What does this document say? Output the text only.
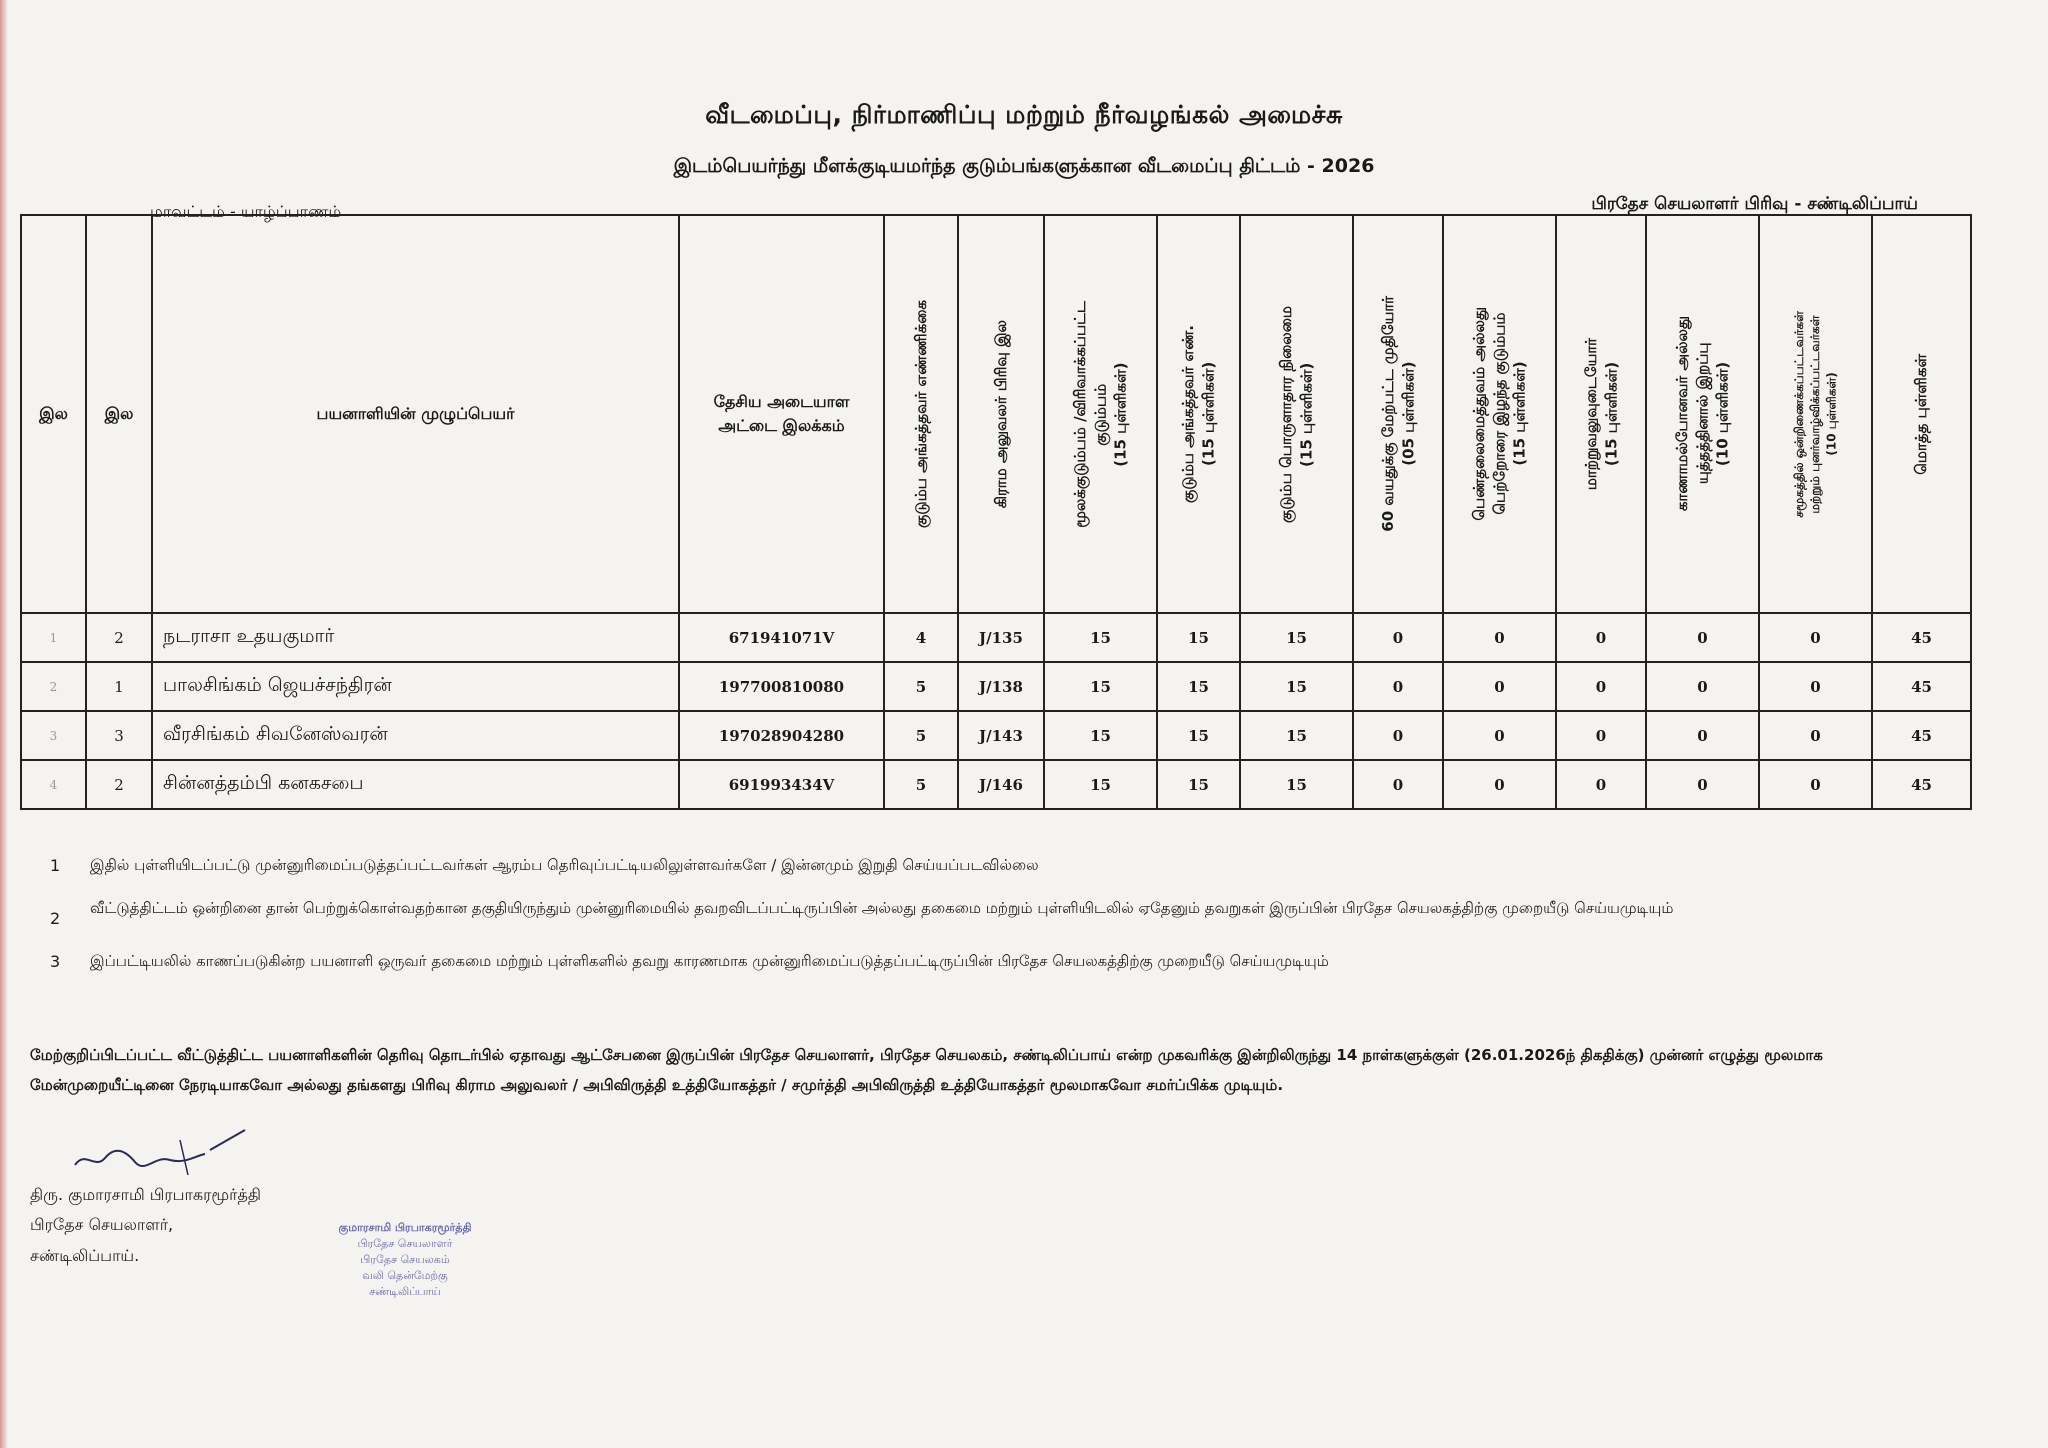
வீடமைப்பு, நிர்மாணிப்பு மற்றும் நீர்வழங்கல் அமைச்சு
இடம்பெயர்ந்து மீளக்குடியமர்ந்த குடும்பங்களுக்கான வீடமைப்பு திட்டம் - 2026
மாவட்டம் - யாழ்ப்பாணம்	பிரதேச செயலாளர் பிரிவு - சண்டிலிப்பாய்
இல	இல	பயனாளியின் முழுப்பெயர்	தேசிய அடையாள
அட்டை இலக்கம்	குடும்ப அங்கத்தவர் எண்ணிக்கை	கிராம அலுவலர் பிரிவு இல	மூலக்குடும்பம் /விரிவாக்கப்பட்ட
குடும்பம்
(15 புள்ளிகள்)	குடும்ப அங்கத்தவர் எண்.
(15 புள்ளிகள்)	குடும்ப பொருளாதார நிலைமை
(15 புள்ளிகள்)	60 வயதுக்கு மேற்பட்ட முதியோர்
(05 புள்ளிகள்)	பெண்தலைமைத்துவம் அல்லது
பெற்றோரை இழந்த குடும்பம்
(15 புள்ளிகள்)	மாற்றுவலுவுடையோர்
(15 புள்ளிகள்)	காணாமல்போனவர் அல்லது
யுத்தத்தினால் இறப்பு
(10 புள்ளிகள்)	சமூகத்தில் ஒன்றிணைக்கப்பட்டவர்கள்
மற்றும் புனர்வாழ்விக்கப்பட்டவர்கள்
(10 புள்ளிகள்)	மொத்த புள்ளிகள்

1	2	நடராசா உதயகுமார்	671941071V	4	J/135	15	15	15	0	0	0	0	0	45
2	1	பாலசிங்கம் ஜெயச்சந்திரன்	197700810080	5	J/138	15	15	15	0	0	0	0	0	45
3	3	வீரசிங்கம் சிவனேஸ்வரன்	197028904280	5	J/143	15	15	15	0	0	0	0	0	45
4	2	சின்னத்தம்பி கனகசபை	691993434V	5	J/146	15	15	15	0	0	0	0	0	45
1	இதில் புள்ளியிடப்பட்டு முன்னுரிமைப்படுத்தப்பட்டவர்கள் ஆரம்ப தெரிவுப்பட்டியலிலுள்ளவர்களே / இன்னமும் இறுதி செய்யப்படவில்லை
2
வீட்டுத்திட்டம் ஒன்றினை தான் பெற்றுக்கொள்வதற்கான தகுதியிருந்தும் முன்னுரிமையில் தவறவிடப்பட்டிருப்பின் அல்லது தகைமை மற்றும் புள்ளியிடலில் ஏதேனும் தவறுகள் இருப்பின் பிரதேச செயலகத்திற்கு முறையீடு செய்யமுடியும்
3	இப்பட்டியலில் காணப்படுகின்ற பயனாளி ஒருவர் தகைமை மற்றும் புள்ளிகளில் தவறு காரணமாக முன்னுரிமைப்படுத்தப்பட்டிருப்பின் பிரதேச செயலகத்திற்கு முறையீடு செய்யமுடியும்
மேற்குறிப்பிடப்பட்ட வீட்டுத்திட்ட பயனாளிகளின் தெரிவு தொடர்பில் ஏதாவது ஆட்சேபனை இருப்பின் பிரதேச செயலாளர், பிரதேச செயலகம், சண்டிலிப்பாய் என்ற முகவரிக்கு இன்றிலிருந்து 14 நாள்களுக்குள் (26.01.2026ந் திகதிக்கு) முன்னர் எழுத்து மூலமாக மேன்முறையீட்டினை நேரடியாகவோ அல்லது தங்களது பிரிவு கிராம அலுவலர் / அபிவிருத்தி உத்தியோகத்தர் / சமுர்த்தி அபிவிருத்தி உத்தியோகத்தர் மூலமாகவோ சமர்ப்பிக்க முடியும்.
திரு. குமாரசாமி பிரபாகரமூர்த்தி
பிரதேச செயலாளர்,
சண்டிலிப்பாய்.
குமாரசாமி பிரபாகரமூர்த்தி
பிரதேச செயலாளர்
பிரதேச செயலகம்
வலி தென்மேற்கு
சண்டிலிப்பாய்
